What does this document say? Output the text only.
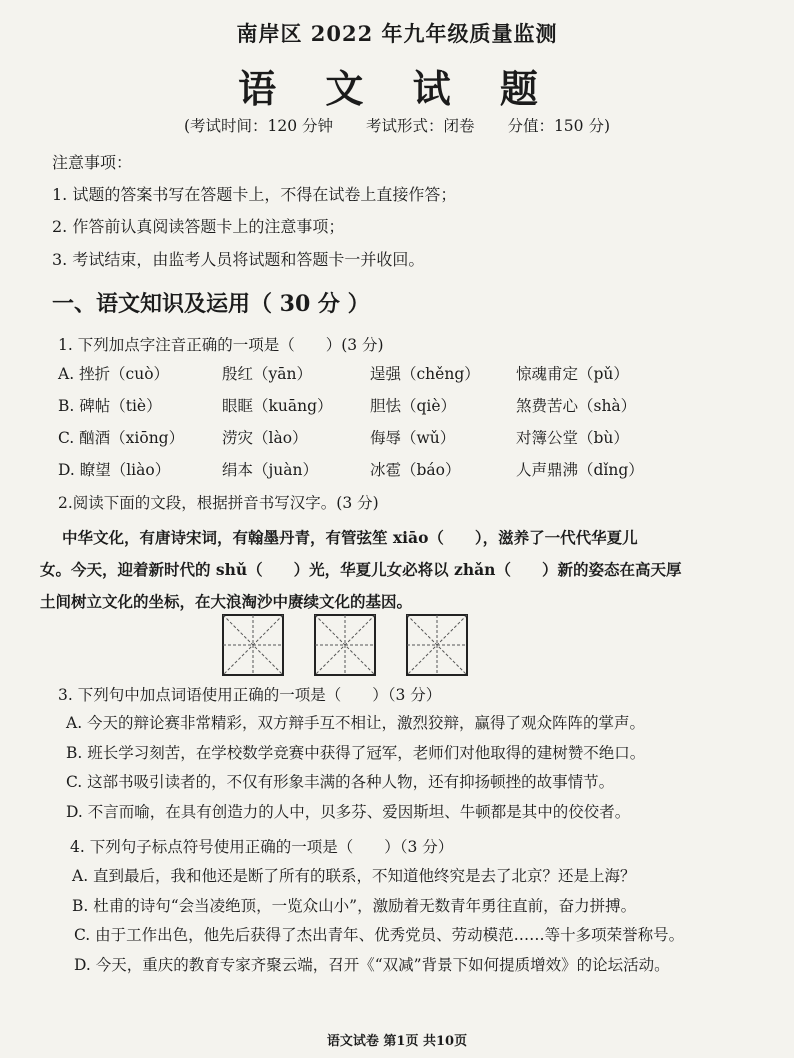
南岸区 2022 年九年级质量监测
语 文 试 题
(考试时间：120 分钟 考试形式：闭卷 分值：150 分)
注意事项：
1. 试题的答案书写在答题卡上，不得在试卷上直接作答；
2. 作答前认真阅读答题卡上的注意事项；
3. 考试结束，由监考人员将试题和答题卡一并收回。
一、语文知识及运用（ 30 分 ）
1. 下列加点字注音正确的一项是（　　）(3 分)
A. 挫折（cuò）	殷红（yān）	逞强（chěng） 惊魂甫定（pǔ）
B. 碑帖（tiè）	眼眶（kuāng） 胆怯（qiè）	煞费苦心（shà）
C. 酗酒（xiōng） 涝灾（lào）	侮辱（wǔ）	对簿公堂（bù）
D. 瞭望（liào）	绢本（juàn）	冰雹（báo）	人声鼎沸（dǐng）
2.阅读下面的文段，根据拼音书写汉字。(3 分)
中华文化，有唐诗宋词，有翰墨丹青，有管弦笙 xiāo（　　），滋养了一代代华夏儿
女。今天，迎着新时代的 shǔ（　　）光，华夏儿女必将以 zhǎn（　　）新的姿态在高天厚
土间树立文化的坐标，在大浪淘沙中赓续文化的基因。
3. 下列句中加点词语使用正确的一项是（　　）（3 分）
A. 今天的辩论赛非常精彩，双方辩手互不相让，激烈狡辩，赢得了观众阵阵的掌声。
B. 班长学习刻苦，在学校数学竞赛中获得了冠军，老师们对他取得的建树赞不绝口。
C. 这部书吸引读者的，不仅有形象丰满的各种人物，还有抑扬顿挫的故事情节。
D. 不言而喻，在具有创造力的人中，贝多芬、爱因斯坦、牛顿都是其中的佼佼者。
4. 下列句子标点符号使用正确的一项是（　　）（3 分）
A. 直到最后，我和他还是断了所有的联系，不知道他终究是去了北京？还是上海？
B. 杜甫的诗句“会当凌绝顶，一览众山小”，激励着无数青年勇往直前，奋力拼搏。
C. 由于工作出色，他先后获得了杰出青年、优秀党员、劳动模范……等十多项荣誉称号。
D. 今天，重庆的教育专家齐聚云端，召开《“双减”背景下如何提质增效》的论坛活动。
语文试卷 第1页 共10页
